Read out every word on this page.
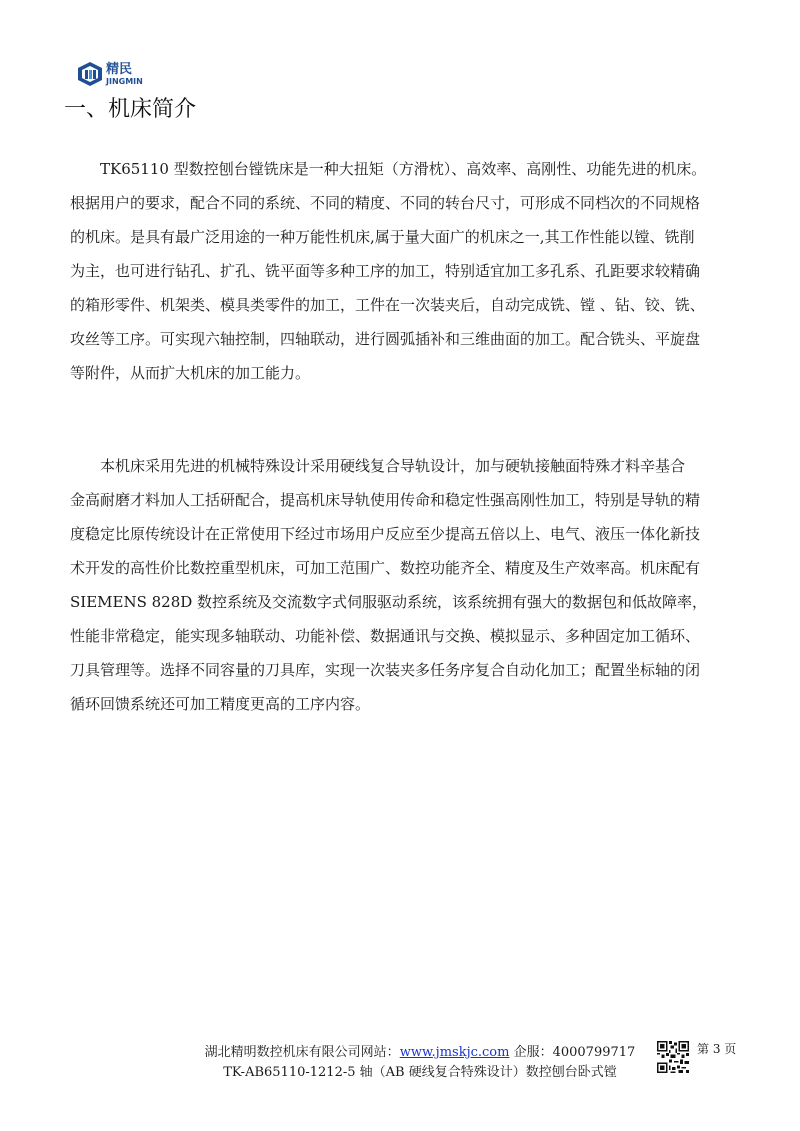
精民
JINGMIN
一、机床简介
　　TK65110 型数控刨台镗铣床是一种大扭矩（方滑枕）、高效率、高刚性、功能先进的机床。
根据用户的要求，配合不同的系统、不同的精度、不同的转台尺寸，可形成不同档次的不同规格
的机床。是具有最广泛用途的一种万能性机床,属于量大面广的机床之一,其工作性能以镗、铣削
为主，也可进行钻孔、扩孔、铣平面等多种工序的加工，特别适宜加工多孔系、孔距要求较精确
的箱形零件、机架类、模具类零件的加工，工件在一次装夹后，自动完成铣、镗 、钻、铰、铣、
攻丝等工序。可实现六轴控制，四轴联动，进行圆弧插补和三维曲面的加工。配合铣头、平旋盘
等附件，从而扩大机床的加工能力。
　　本机床采用先进的机械特殊设计采用硬线复合导轨设计，加与硬轨接触面特殊才料辛基合
金高耐磨才料加人工括研配合，提高机床导轨使用传命和稳定性强高刚性加工，特别是导轨的精
度稳定比原传统设计在正常使用下经过市场用户反应至少提高五倍以上、电气、液压一体化新技
术开发的高性价比数控重型机床，可加工范围广、数控功能齐全、精度及生产效率高。机床配有
SIEMENS 828D 数控系统及交流数字式伺服驱动系统，该系统拥有强大的数据包和低故障率，
性能非常稳定，能实现多轴联动、功能补偿、数据通讯与交换、模拟显示、多种固定加工循环、
刀具管理等。选择不同容量的刀具库，实现一次装夹多任务序复合自动化加工；配置坐标轴的闭
循环回馈系统还可加工精度更高的工序内容。
湖北精明数控机床有限公司网站：www.jmskjc.com 企服：4000799717
TK-AB65110-1212-5 轴（AB 硬线复合特殊设计）数控刨台卧式镗
第 3 页
